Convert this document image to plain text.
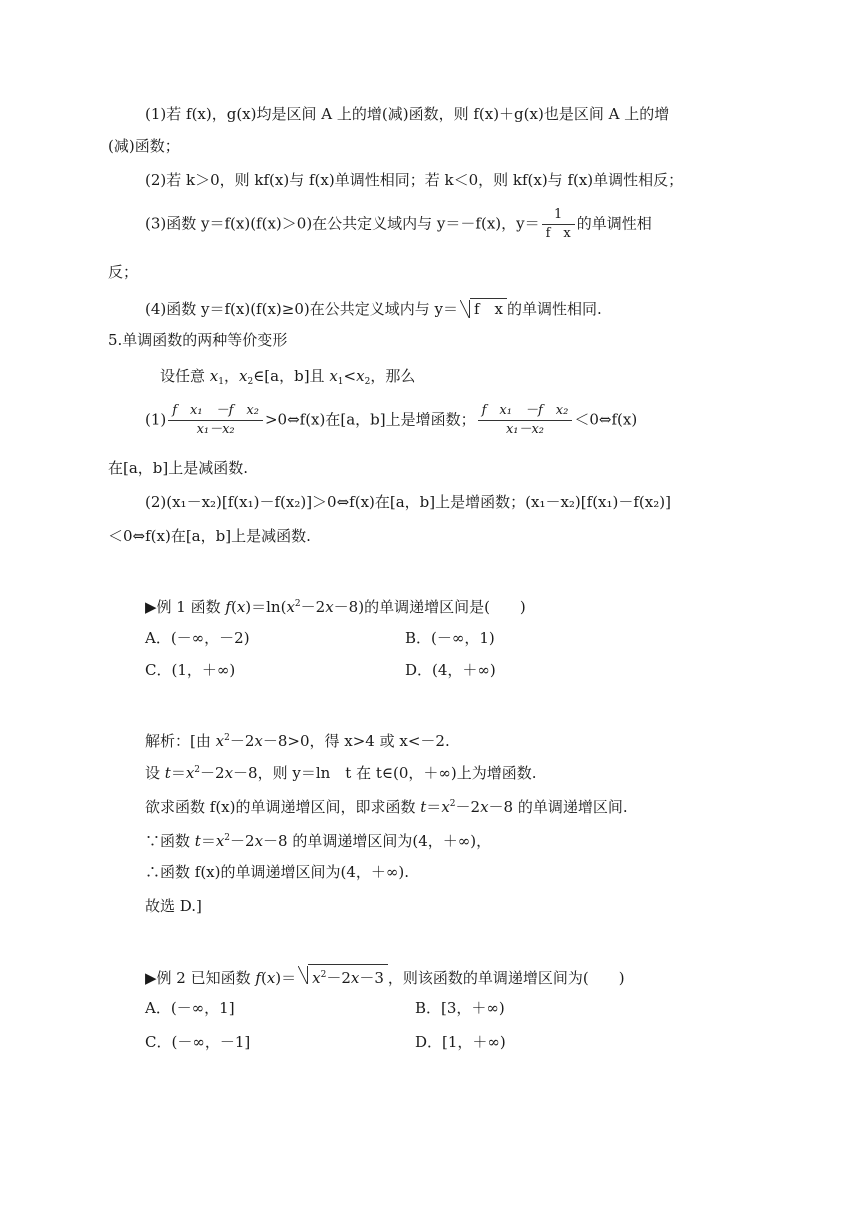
(1)若 f(x)，g(x)均是区间 A 上的增(减)函数，则 f(x)＋g(x)也是区间 A 上的增
(减)函数；
(2)若 k＞0，则 kf(x)与 f(x)单调性相同；若 k＜0，则 kf(x)与 f(x)单调性相反；
(3)函数 y＝f(x)(f(x)＞0)在公共定义域内与 y＝－f(x)，$y= \frac{1}{\text{f　x}}$ 的单调性相
反；
(4)函数 y＝f(x)(f(x)≥0)在公共定义域内与 y＝ f　x 的单调性相同.
5.单调函数的两种等价变形
设任意 $x_1$，$x_2\in[a$，b]且 $x_1<x_2$，那么
$(1) \frac{\text{f　x₁　－f　x₂}}{\text{x₁－x₂}}$ >0⇔f(x)在[a，b]上是增函数； $\frac{\text{f　x₁　－f　x₂}}{\text{x₁－x₂}}$ ＜0⇔f(x)
在[a，b]上是减函数.
(2)(x₁－x₂)[f(x₁)－f(x₂)]＞0⇔f(x)在[a，b]上是增函数；(x₁－x₂)[f(x₁)－f(x₂)]
＜0⇔f(x)在[a，b]上是减函数.
▶例 1 函数 $f(x)=\ln(x^2-2x-8)$的单调递增区间是(　　)
A．(－∞，－2)	B．(－∞，1)
C．(1，＋∞)	D．(4，＋∞)
解析：[由 $x^2-2x-8>0$，得 x>4 或 x<－2.
设 $t=x^2-2x-8$，则 y＝ln　t 在 t∈(0，＋∞)上为增函数.
欲求函数 f(x)的单调递增区间，即求函数 $t=x^2-2x-8$ 的单调递增区间.
∵函数 $t=x^2-2x-8$ 的单调递增区间为(4，＋∞)，
∴函数 f(x)的单调递增区间为(4，＋∞).
故选 D.]
▶例 2 已知函数 $f(x)= x^2-2x-3$ ，则该函数的单调递增区间为(　　)
A．(－∞，1]	B．[3，＋∞)
C．(－∞，－1]	D．[1，＋∞)
